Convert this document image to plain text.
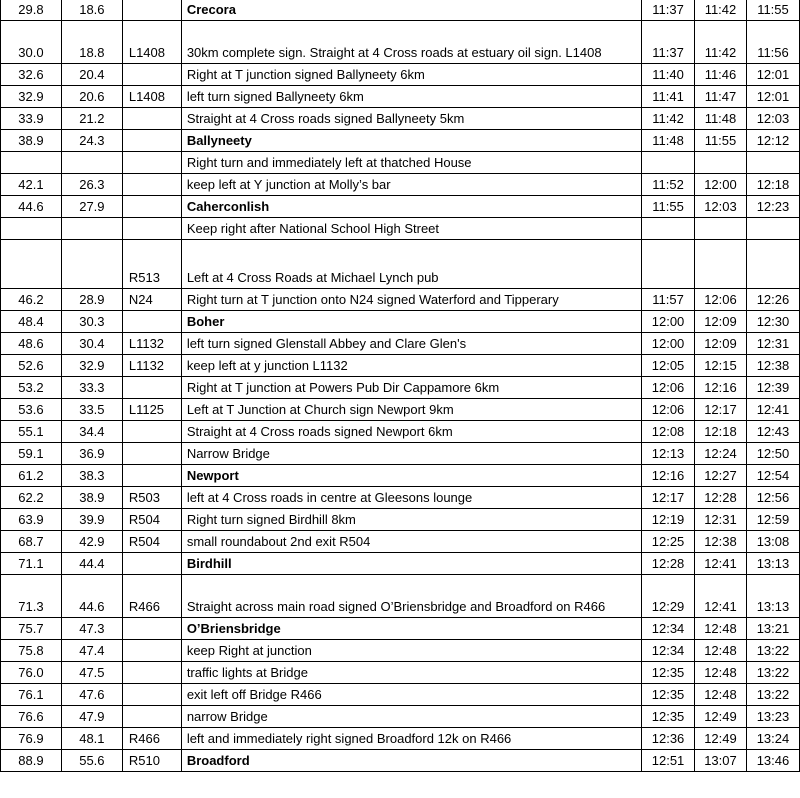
29.8	18.6		Crecora	11:37	11:42	11:55
30.0	18.8	L1408	30km complete sign. Straight at 4 Cross roads at estuary oil sign. L1408	11:37	11:42	11:56
32.6	20.4		Right at T junction signed Ballyneety 6km	11:40	11:46	12:01
32.9	20.6	L1408	left turn signed Ballyneety 6km	11:41	11:47	12:01
33.9	21.2		Straight at 4 Cross roads signed Ballyneety 5km	11:42	11:48	12:03
38.9	24.3		Ballyneety	11:48	11:55	12:12
			Right turn and immediately left at thatched House			
42.1	26.3		keep left at Y junction at Molly’s bar	11:52	12:00	12:18
44.6	27.9		Caherconlish	11:55	12:03	12:23
			Keep right after National School High Street			
		R513	Left at 4 Cross Roads at Michael Lynch pub			
46.2	28.9	N24	Right turn at T junction onto N24 signed Waterford and Tipperary	11:57	12:06	12:26
48.4	30.3		Boher	12:00	12:09	12:30
48.6	30.4	L1132	left turn signed Glenstall Abbey and Clare Glen's	12:00	12:09	12:31
52.6	32.9	L1132	keep left at y junction L1132	12:05	12:15	12:38
53.2	33.3		Right at T junction at Powers Pub Dir Cappamore 6km	12:06	12:16	12:39
53.6	33.5	L1125	Left at T Junction at Church sign Newport 9km	12:06	12:17	12:41
55.1	34.4		Straight at 4 Cross roads signed Newport 6km	12:08	12:18	12:43
59.1	36.9		Narrow Bridge	12:13	12:24	12:50
61.2	38.3		Newport	12:16	12:27	12:54
62.2	38.9	R503	left at 4 Cross roads in centre at Gleesons lounge	12:17	12:28	12:56
63.9	39.9	R504	Right turn signed Birdhill 8km	12:19	12:31	12:59
68.7	42.9	R504	small roundabout 2nd exit R504	12:25	12:38	13:08
71.1	44.4		Birdhill	12:28	12:41	13:13
71.3	44.6	R466	Straight across main road signed O’Briensbridge and Broadford on R466	12:29	12:41	13:13
75.7	47.3		O’Briensbridge	12:34	12:48	13:21
75.8	47.4		keep Right at junction	12:34	12:48	13:22
76.0	47.5		traffic lights at Bridge	12:35	12:48	13:22
76.1	47.6		exit left off Bridge R466	12:35	12:48	13:22
76.6	47.9		narrow Bridge	12:35	12:49	13:23
76.9	48.1	R466	left and immediately right signed Broadford 12k on R466	12:36	12:49	13:24
88.9	55.6	R510	Broadford	12:51	13:07	13:46
